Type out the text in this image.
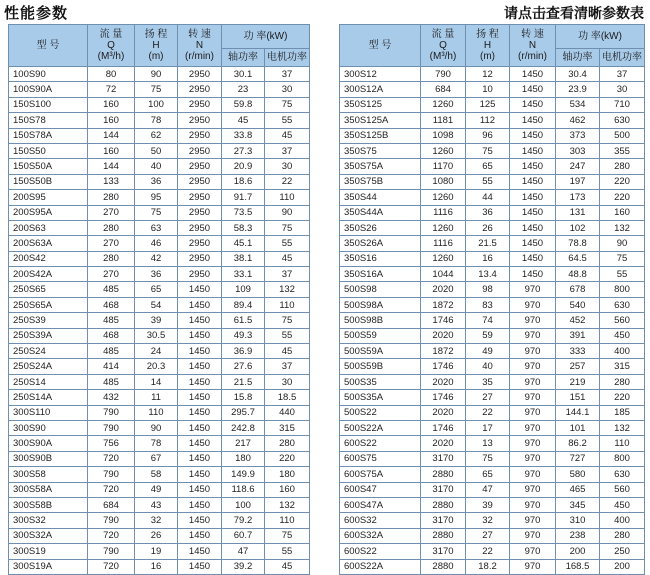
性能参数	请点击查看清晰参数表
型 号	流 量
Q
(M³/h)	扬 程
H
(m)	转 速
N
(r/min)	功 率(kW)	
				轴功率	电机功率
100S90	80	90	2950	30.1	37
100S90A	72	75	2950	23	30
150S100	160	100	2950	59.8	75
150S78	160	78	2950	45	55
150S78A	144	62	2950	33.8	45
150S50	160	50	2950	27.3	37
150S50A	144	40	2950	20.9	30
150S50B	133	36	2950	18.6	22
200S95	280	95	2950	91.7	110
200S95A	270	75	2950	73.5	90
200S63	280	63	2950	58.3	75
200S63A	270	46	2950	45.1	55
200S42	280	42	2950	38.1	45
200S42A	270	36	2950	33.1	37
250S65	485	65	1450	109	132
250S65A	468	54	1450	89.4	110
250S39	485	39	1450	61.5	75
250S39A	468	30.5	1450	49.3	55
250S24	485	24	1450	36.9	45
250S24A	414	20.3	1450	27.6	37
250S14	485	14	1450	21.5	30
250S14A	432	11	1450	15.8	18.5
300S110	790	110	1450	295.7	440
300S90	790	90	1450	242.8	315
300S90A	756	78	1450	217	280
300S90B	720	67	1450	180	220
300S58	790	58	1450	149.9	180
300S58A	720	49	1450	118.6	160
300S58B	684	43	1450	100	132
300S32	790	32	1450	79.2	110
300S32A	720	26	1450	60.7	75
300S19	790	19	1450	47	55
300S19A	720	16	1450	39.2	45
型 号	流 量
Q
(M³/h)	扬 程
H
(m)	转 速
N
(r/min)	功 率(kW)	
				轴功率	电机功率
300S12	790	12	1450	30.4	37
300S12A	684	10	1450	23.9	30
350S125	1260	125	1450	534	710
350S125A	1181	112	1450	462	630
350S125B	1098	96	1450	373	500
350S75	1260	75	1450	303	355
350S75A	1170	65	1450	247	280
350S75B	1080	55	1450	197	220
350S44	1260	44	1450	173	220
350S44A	1116	36	1450	131	160
350S26	1260	26	1450	102	132
350S26A	1116	21.5	1450	78.8	90
350S16	1260	16	1450	64.5	75
350S16A	1044	13.4	1450	48.8	55
500S98	2020	98	970	678	800
500S98A	1872	83	970	540	630
500S98B	1746	74	970	452	560
500S59	2020	59	970	391	450
500S59A	1872	49	970	333	400
500S59B	1746	40	970	257	315
500S35	2020	35	970	219	280
500S35A	1746	27	970	151	220
500S22	2020	22	970	144.1	185
500S22A	1746	17	970	101	132
600S22	2020	13	970	86.2	110
600S75	3170	75	970	727	800
600S75A	2880	65	970	580	630
600S47	3170	47	970	465	560
600S47A	2880	39	970	345	450
600S32	3170	32	970	310	400
600S32A	2880	27	970	238	280
600S22	3170	22	970	200	250
600S22A	2880	18.2	970	168.5	200
